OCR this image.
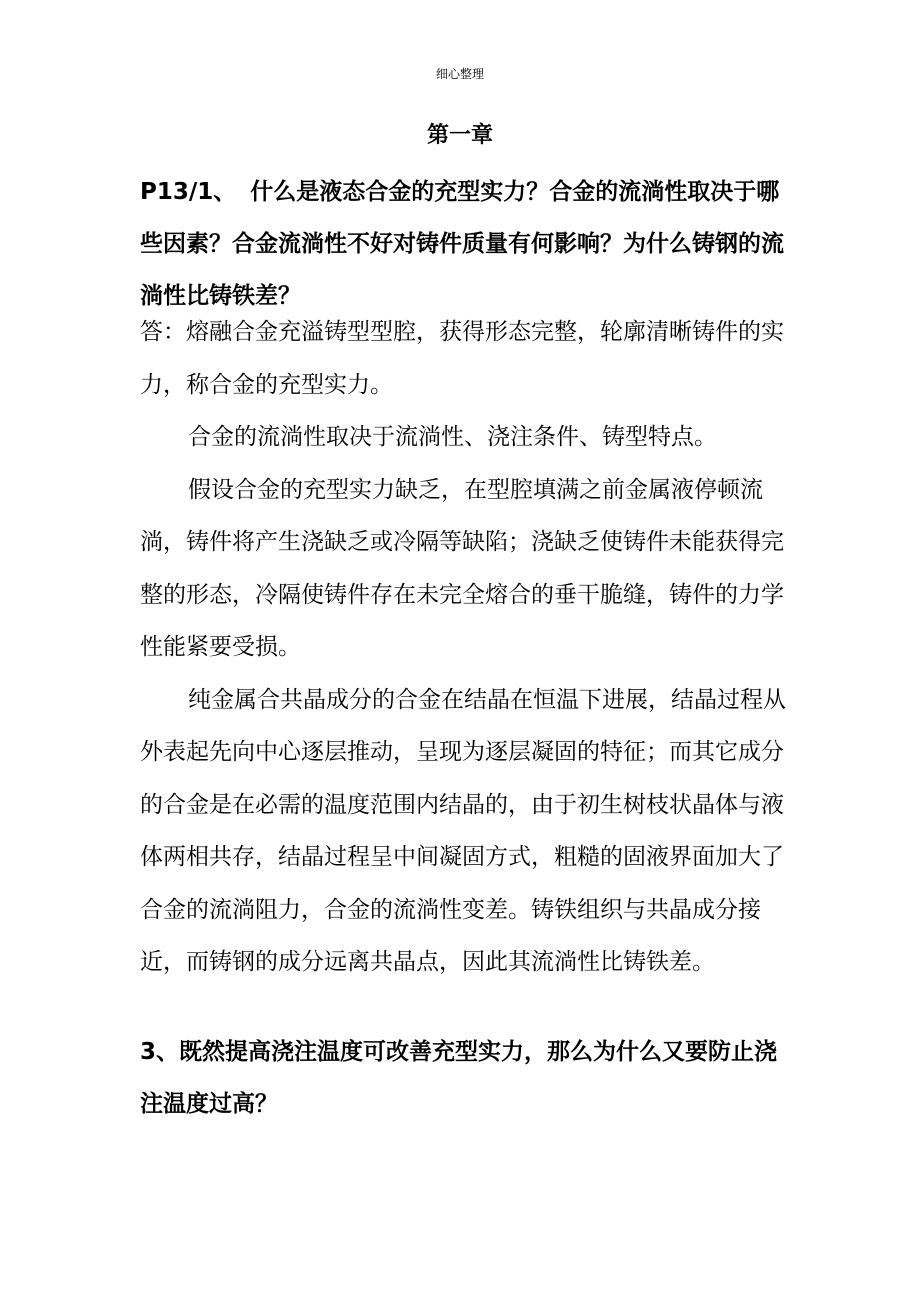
细心整理
第一章
P13/1、 什么是液态合金的充型实力？合金的流淌性取决于哪些因素？合金流淌性不好对铸件质量有何影响？为什么铸钢的流淌性比铸铁差？

答：熔融合金充溢铸型型腔，获得形态完整，轮廓清晰铸件的实力，称合金的充型实力。

合金的流淌性取决于流淌性、浇注条件、铸型特点。

假设合金的充型实力缺乏，在型腔填满之前金属液停顿流淌，铸件将产生浇缺乏或冷隔等缺陷；浇缺乏使铸件未能获得完整的形态，冷隔使铸件存在未完全熔合的垂干脆缝，铸件的力学性能紧要受损。

纯金属合共晶成分的合金在结晶在恒温下进展，结晶过程从外表起先向中心逐层推动，呈现为逐层凝固的特征；而其它成分的合金是在必需的温度范围内结晶的，由于初生树枝状晶体与液体两相共存，结晶过程呈中间凝固方式，粗糙的固液界面加大了合金的流淌阻力，合金的流淌性变差。铸铁组织与共晶成分接近，而铸钢的成分远离共晶点，因此其流淌性比铸铁差。

3、既然提高浇注温度可改善充型实力，那么为什么又要防止浇注温度过高？
